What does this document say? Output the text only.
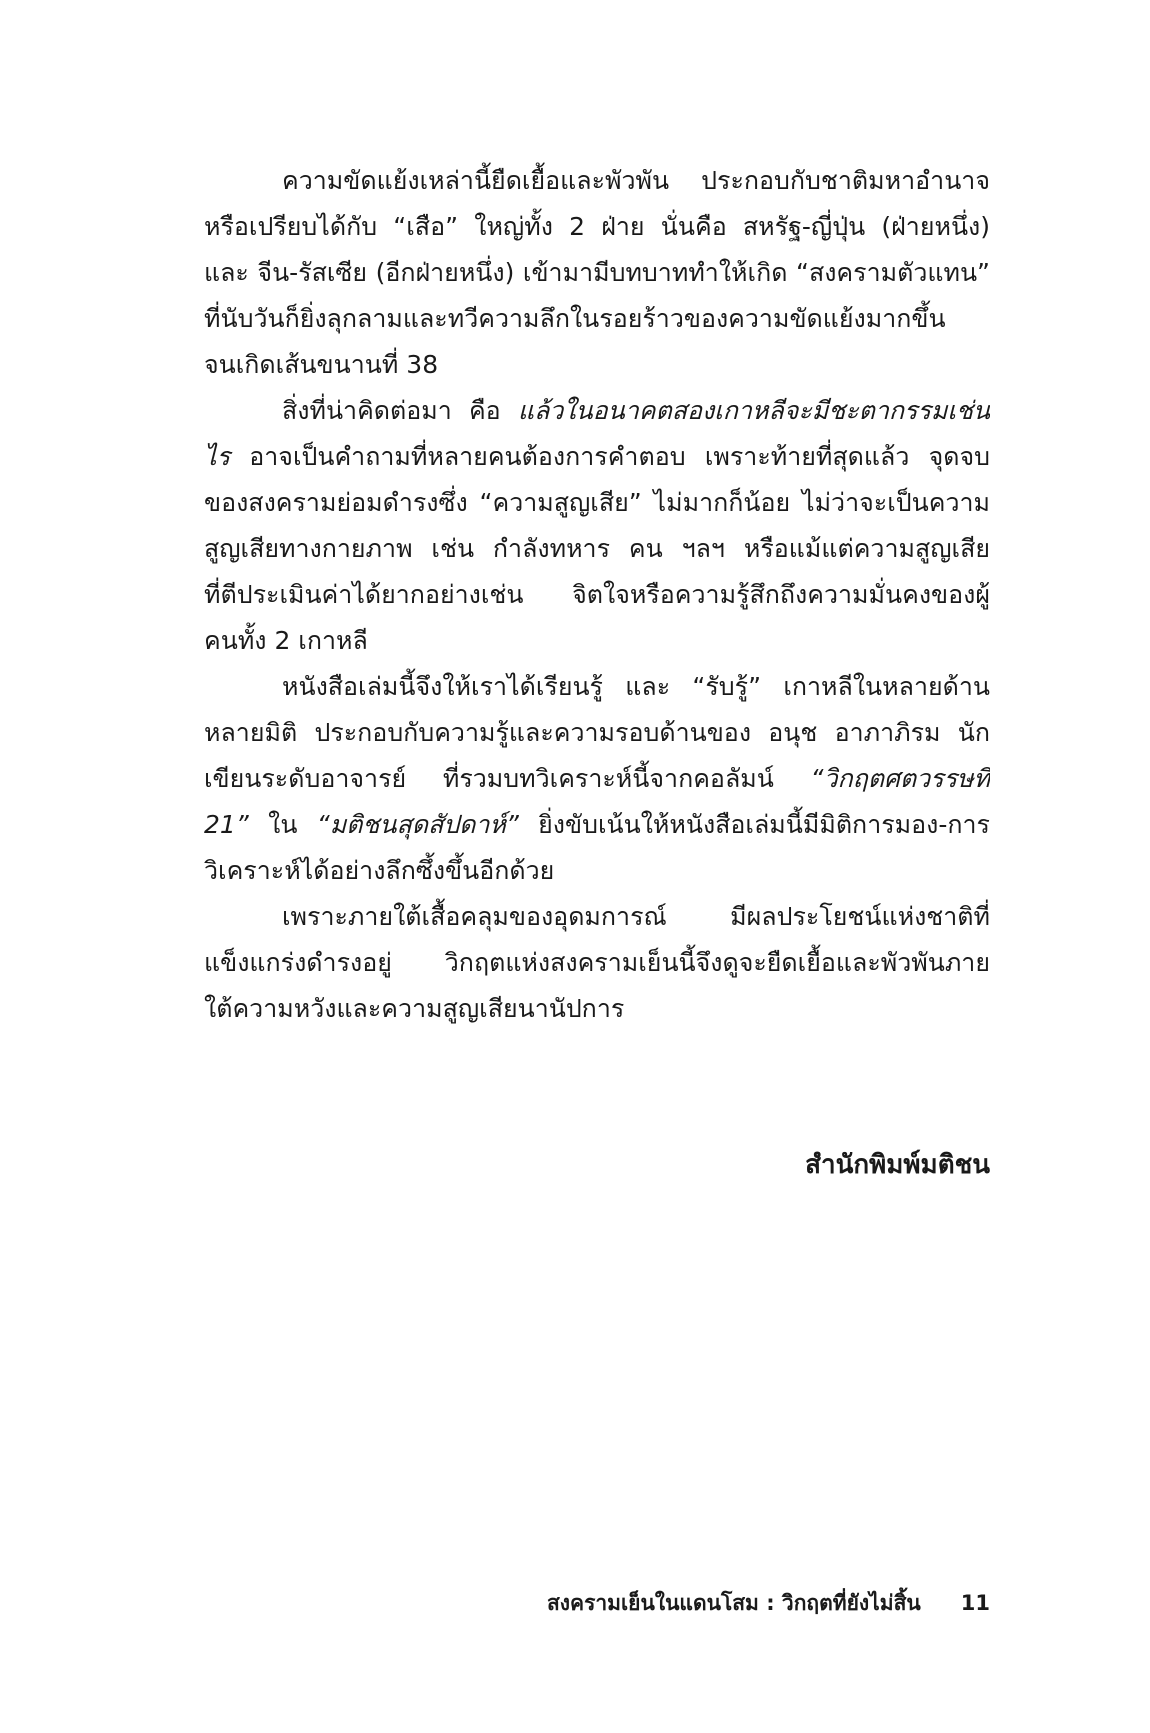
ความขัดแย้งเหล่านี้ยืดเยื้อและพัวพัน ประกอบกับชาติมหาอำนาจ
หรือเปรียบได้กับ “เสือ” ใหญ่ทั้ง 2 ฝ่าย นั่นคือ สหรัฐ-ญี่ปุ่น (ฝ่ายหนึ่ง)
และ จีน-รัสเซีย (อีกฝ่ายหนึ่ง) เข้ามามีบทบาททำให้เกิด “สงครามตัวแทน”
ที่นับวันก็ยิ่งลุกลามและทวีความลึกในรอยร้าวของความขัดแย้งมากขึ้น
จนเกิดเส้นขนานที่ 38
สิ่งที่น่าคิดต่อมา คือ แล้วในอนาคตสองเกาหลีจะมีชะตากรรมเช่น
ไร อาจเป็นคำถามที่หลายคนต้องการคำตอบ เพราะท้ายที่สุดแล้ว จุดจบ
ของสงครามย่อมดำรงซึ่ง “ความสูญเสีย” ไม่มากก็น้อย ไม่ว่าจะเป็นความ
สูญเสียทางกายภาพ เช่น กำลังทหาร คน ฯลฯ หรือแม้แต่ความสูญเสีย
ที่ตีประเมินค่าได้ยากอย่างเช่น จิตใจหรือความรู้สึกถึงความมั่นคงของผู้
คนทั้ง 2 เกาหลี
หนังสือเล่มนี้จึงให้เราได้เรียนรู้ และ “รับรู้” เกาหลีในหลายด้าน
หลายมิติ ประกอบกับความรู้และความรอบด้านของ อนุช อาภาภิรม นัก
เขียนระดับอาจารย์ ที่รวมบทวิเคราะห์นี้จากคอลัมน์ “วิกฤตศตวรรษที่
21” ใน “มติชนสุดสัปดาห์” ยิ่งขับเน้นให้หนังสือเล่มนี้มีมิติการมอง-การ
วิเคราะห์ได้อย่างลึกซึ้งขึ้นอีกด้วย
เพราะภายใต้เสื้อคลุมของอุดมการณ์ มีผลประโยชน์แห่งชาติที่
แข็งแกร่งดำรงอยู่ วิกฤตแห่งสงครามเย็นนี้จึงดูจะยืดเยื้อและพัวพันภาย
ใต้ความหวังและความสูญเสียนานัปการ
สำนักพิมพ์มติชน
สงครามเย็นในแดนโสม : วิกฤตที่ยังไม่สิ้น 11
